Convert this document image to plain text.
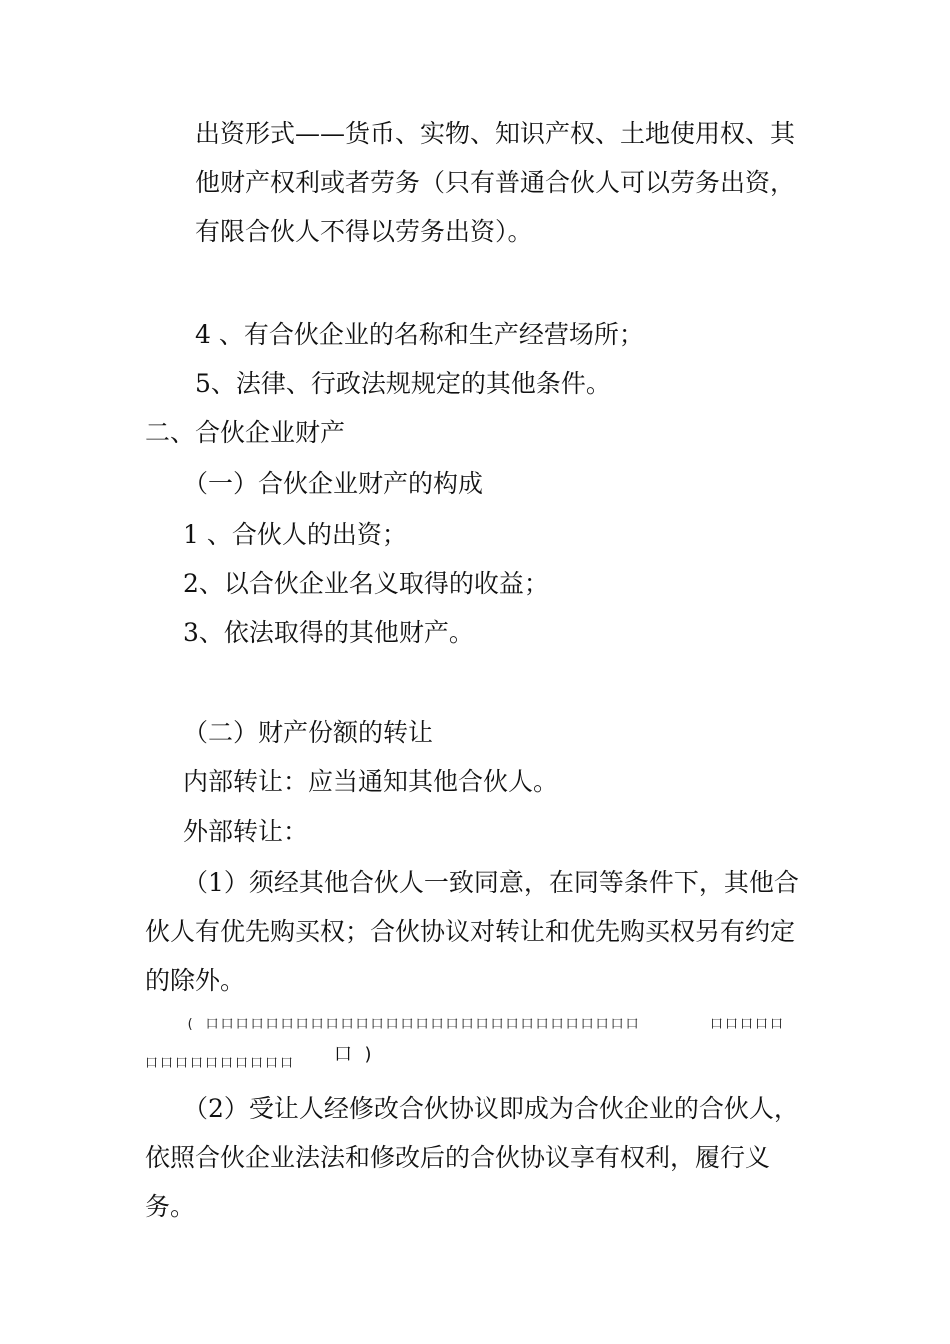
出资形式——货币、实物、知识产权、土地使用权、其
他财产权利或者劳务（只有普通合伙人可以劳务出资，
有限合伙人不得以劳务出资）。
4 、有合伙企业的名称和生产经营场所；
5、法律、行政法规规定的其他条件。
二、合伙企业财产
（一）合伙企业财产的构成
1 、合伙人的出资；
2、以合伙企业名义取得的收益；
3、依法取得的其他财产。
（二）财产份额的转让
内部转让：应当通知其他合伙人。
外部转让：
（1）须经其他合伙人一致同意，在同等条件下，其他合
伙人有优先购买权；合伙协议对转让和优先购买权另有约定
的除外。
( 口口口口口口口口口口口口口口口口口口口口口口口口口口口口口	口口口口口
口口口口口口口口口口 口 )
（2）受让人经修改合伙协议即成为合伙企业的合伙人，
依照合伙企业法法和修改后的合伙协议享有权利，履行义
务。
